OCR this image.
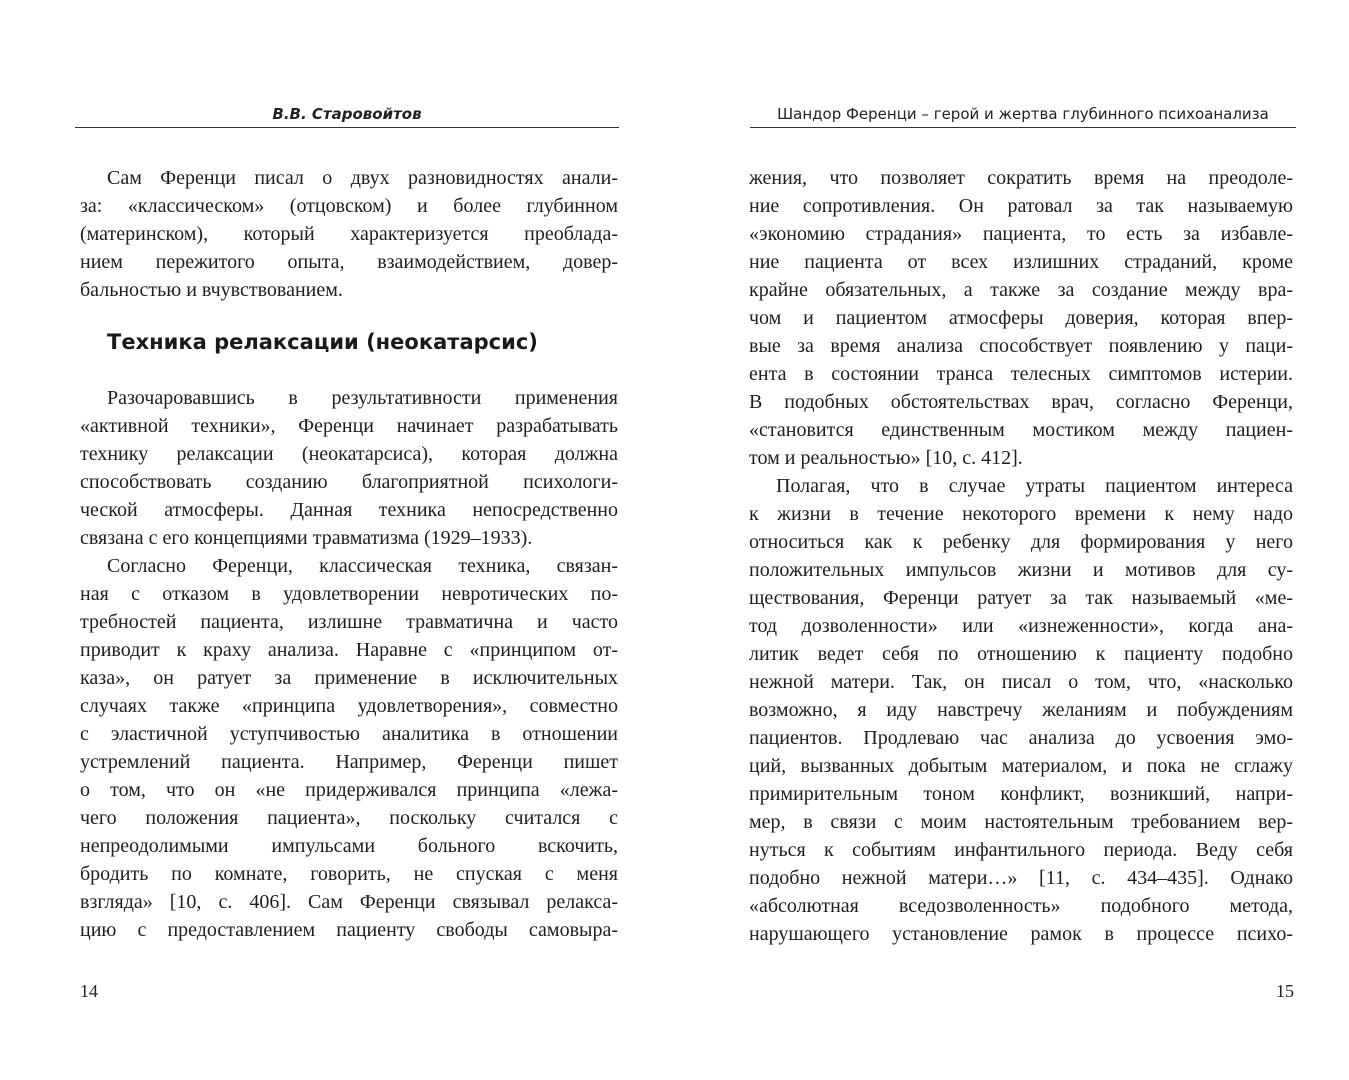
В.В. Старовойтов
Сам Ференци писал о двух разновидностях анали-
за: «классическом» (отцовском) и более глубинном
(материнском), который характеризуется преоблада-
нием пережитого опыта, взаимодействием, довер-
бальностью и вчувствованием.
Техника релаксации (неокатарсис)
Разочаровавшись в результативности применения
«активной техники», Ференци начинает разрабатывать
технику релаксации (неокатарсиса), которая должна
способствовать созданию благоприятной психологи-
ческой атмосферы. Данная техника непосредственно
связана с его концепциями травматизма (1929–1933).
Согласно Ференци, классическая техника, связан-
ная с отказом в удовлетворении невротических по-
требностей пациента, излишне травматична и часто
приводит к краху анализа. Наравне с «принципом от-
каза», он ратует за применение в исключительных
случаях также «принципа удовлетворения», совместно
с эластичной уступчивостью аналитика в отношении
устремлений пациента. Например, Ференци пишет
о том, что он «не придерживался принципа «лежа-
чего положения пациента», поскольку считался с
непреодолимыми импульсами больного вскочить,
бродить по комнате, говорить, не спуская с меня
взгляда» [10, с. 406]. Сам Ференци связывал релакса-
цию с предоставлением пациенту свободы самовыра-
14
Шандор Ференци – герой и жертва глубинного психоанализа
жения, что позволяет сократить время на преодоле-
ние сопротивления. Он ратовал за так называемую
«экономию страдания» пациента, то есть за избавле-
ние пациента от всех излишних страданий, кроме
крайне обязательных, а также за создание между вра-
чом и пациентом атмосферы доверия, которая впер-
вые за время анализа способствует появлению у паци-
ента в состоянии транса телесных симптомов истерии.
В подобных обстоятельствах врач, согласно Ференци,
«становится единственным мостиком между пациен-
том и реальностью» [10, с. 412].
Полагая, что в случае утраты пациентом интереса
к жизни в течение некоторого времени к нему надо
относиться как к ребенку для формирования у него
положительных импульсов жизни и мотивов для су-
ществования, Ференци ратует за так называемый «ме-
тод дозволенности» или «изнеженности», когда ана-
литик ведет себя по отношению к пациенту подобно
нежной матери. Так, он писал о том, что, «насколько
возможно, я иду навстречу желаниям и побуждениям
пациентов. Продлеваю час анализа до усвоения эмо-
ций, вызванных добытым материалом, и пока не сглажу
примирительным тоном конфликт, возникший, напри-
мер, в связи с моим настоятельным требованием вер-
нуться к событиям инфантильного периода. Веду себя
подобно нежной матери…» [11, с. 434–435]. Однако
«абсолютная вседозволенность» подобного метода,
нарушающего установление рамок в процессе психо-
15
